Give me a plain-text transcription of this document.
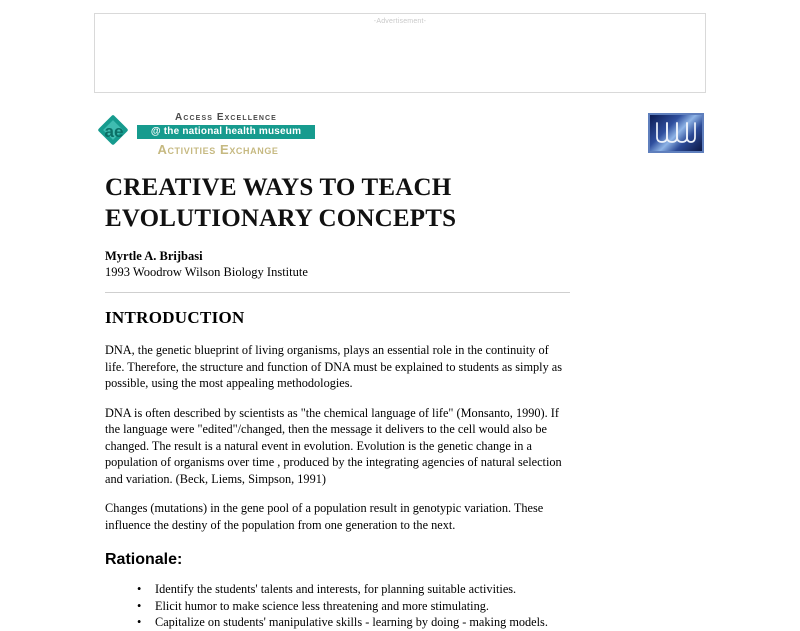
-Advertisement-
ae
Access Excellence
@ the national health museum
Activities Exchange
CREATIVE WAYS TO TEACH EVOLUTIONARY CONCEPTS
Myrtle A. Brijbasi
1993 Woodrow Wilson Biology Institute
INTRODUCTION

DNA, the genetic blueprint of living organisms, plays an essential role in the continuity of life. Therefore, the structure and function of DNA must be explained to students as simply as possible, using the most appealing methodologies.

DNA is often described by scientists as "the chemical language of life" (Monsanto, 1990). If the language were "edited"/changed, then the message it delivers to the cell would also be changed. The result is a natural event in evolution. Evolution is the genetic change in a population of organisms over time , produced by the integrating agencies of natural selection and variation. (Beck, Liems, Simpson, 1991)

Changes (mutations) in the gene pool of a population result in genotypic variation. These influence the destiny of the population from one generation to the next.

Rationale:
• Identify the students' talents and interests, for planning suitable activities.
• Elicit humor to make science less threatening and more stimulating.
• Capitalize on students' manipulative skills - learning by doing - making models.
